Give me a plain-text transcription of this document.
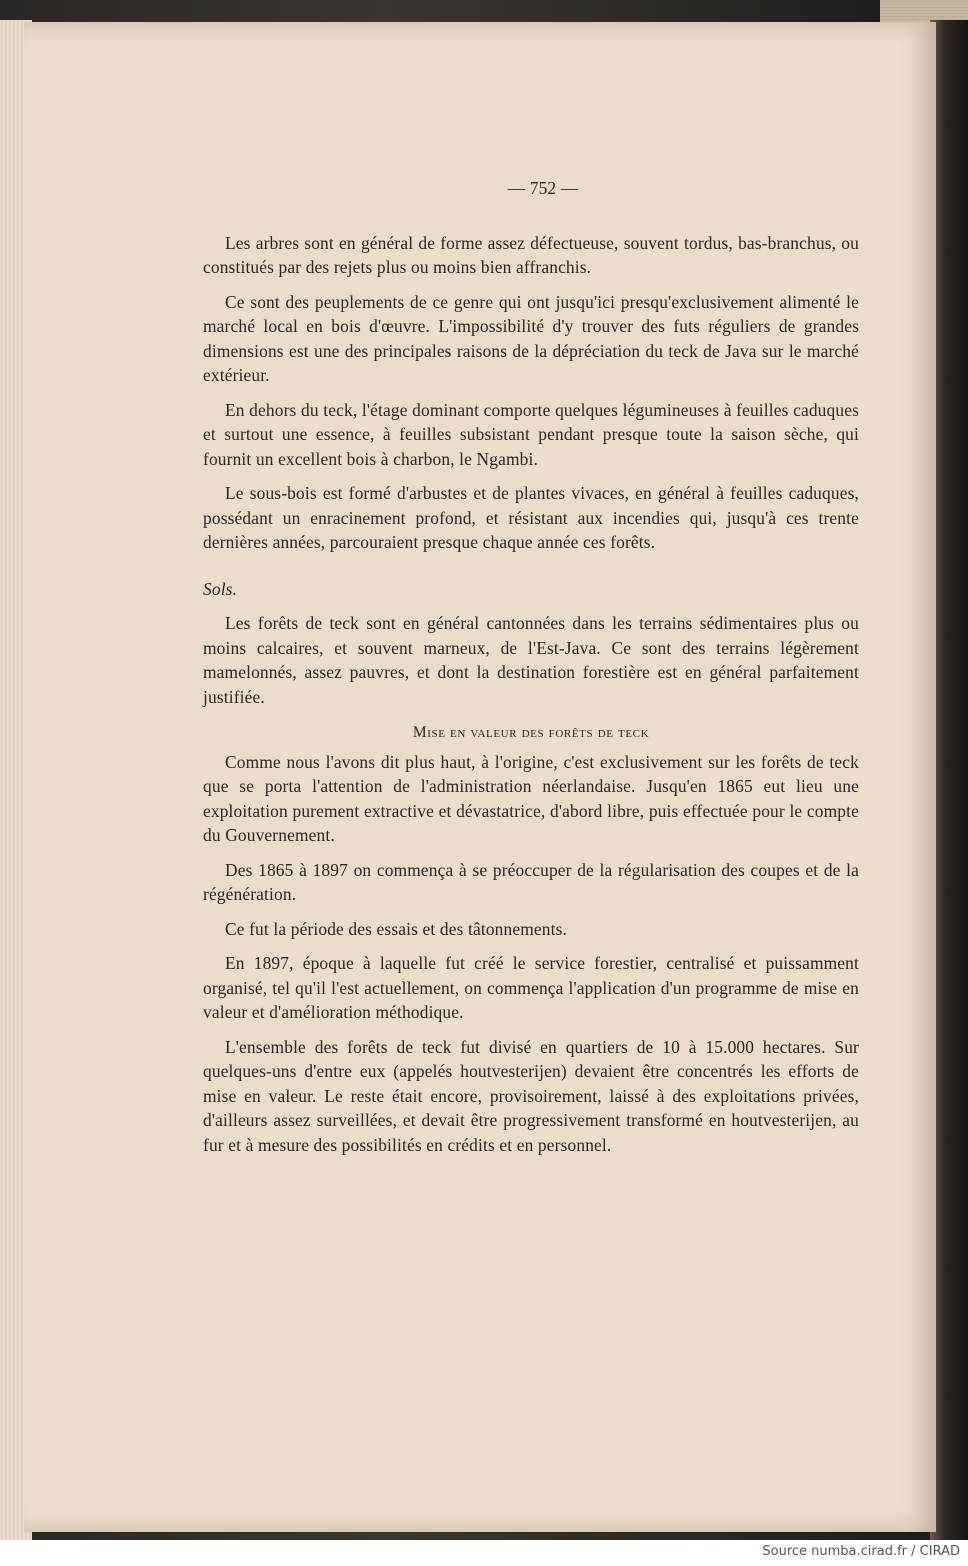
— 752 —

Les arbres sont en général de forme assez défectueuse, souvent tordus, bas-branchus, ou constitués par des rejets plus ou moins bien affranchis.

Ce sont des peuplements de ce genre qui ont jusqu'ici presqu'exclusivement alimenté le marché local en bois d'œuvre. L'impossibilité d'y trouver des futs réguliers de grandes dimensions est une des principales raisons de la dépréciation du teck de Java sur le marché extérieur.

En dehors du teck, l'étage dominant comporte quelques légumineuses à feuilles caduques et surtout une essence, à feuilles subsistant pendant presque toute la saison sèche, qui fournit un excellent bois à charbon, le Ngambi.

Le sous-bois est formé d'arbustes et de plantes vivaces, en général à feuilles caduques, possédant un enracinement profond, et résistant aux incendies qui, jusqu'à ces trente dernières années, parcouraient presque chaque année ces forêts.

Sols.

Les forêts de teck sont en général cantonnées dans les terrains sédimentaires plus ou moins calcaires, et souvent marneux, de l'Est-Java. Ce sont des terrains légèrement mamelonnés, assez pauvres, et dont la destination forestière est en général parfaitement justifiée.

Mise en valeur des forêts de teck

Comme nous l'avons dit plus haut, à l'origine, c'est exclusivement sur les forêts de teck que se porta l'attention de l'administration néerlandaise. Jusqu'en 1865 eut lieu une exploitation purement extractive et dévastatrice, d'abord libre, puis effectuée pour le compte du Gouvernement.

Des 1865 à 1897 on commença à se préoccuper de la régularisation des coupes et de la régénération.

Ce fut la période des essais et des tâtonnements.

En 1897, époque à laquelle fut créé le service forestier, centralisé et puissamment organisé, tel qu'il l'est actuellement, on commença l'application d'un programme de mise en valeur et d'amélioration méthodique.

L'ensemble des forêts de teck fut divisé en quartiers de 10 à 15.000 hectares. Sur quelques-uns d'entre eux (appelés houtvesterijen) devaient être concentrés les efforts de mise en valeur. Le reste était encore, provisoirement, laissé à des exploitations privées, d'ailleurs assez surveillées, et devait être progressivement transformé en houtvesterijen, au fur et à mesure des possibilités en crédits et en personnel.

Source numba.cirad.fr / CIRAD
